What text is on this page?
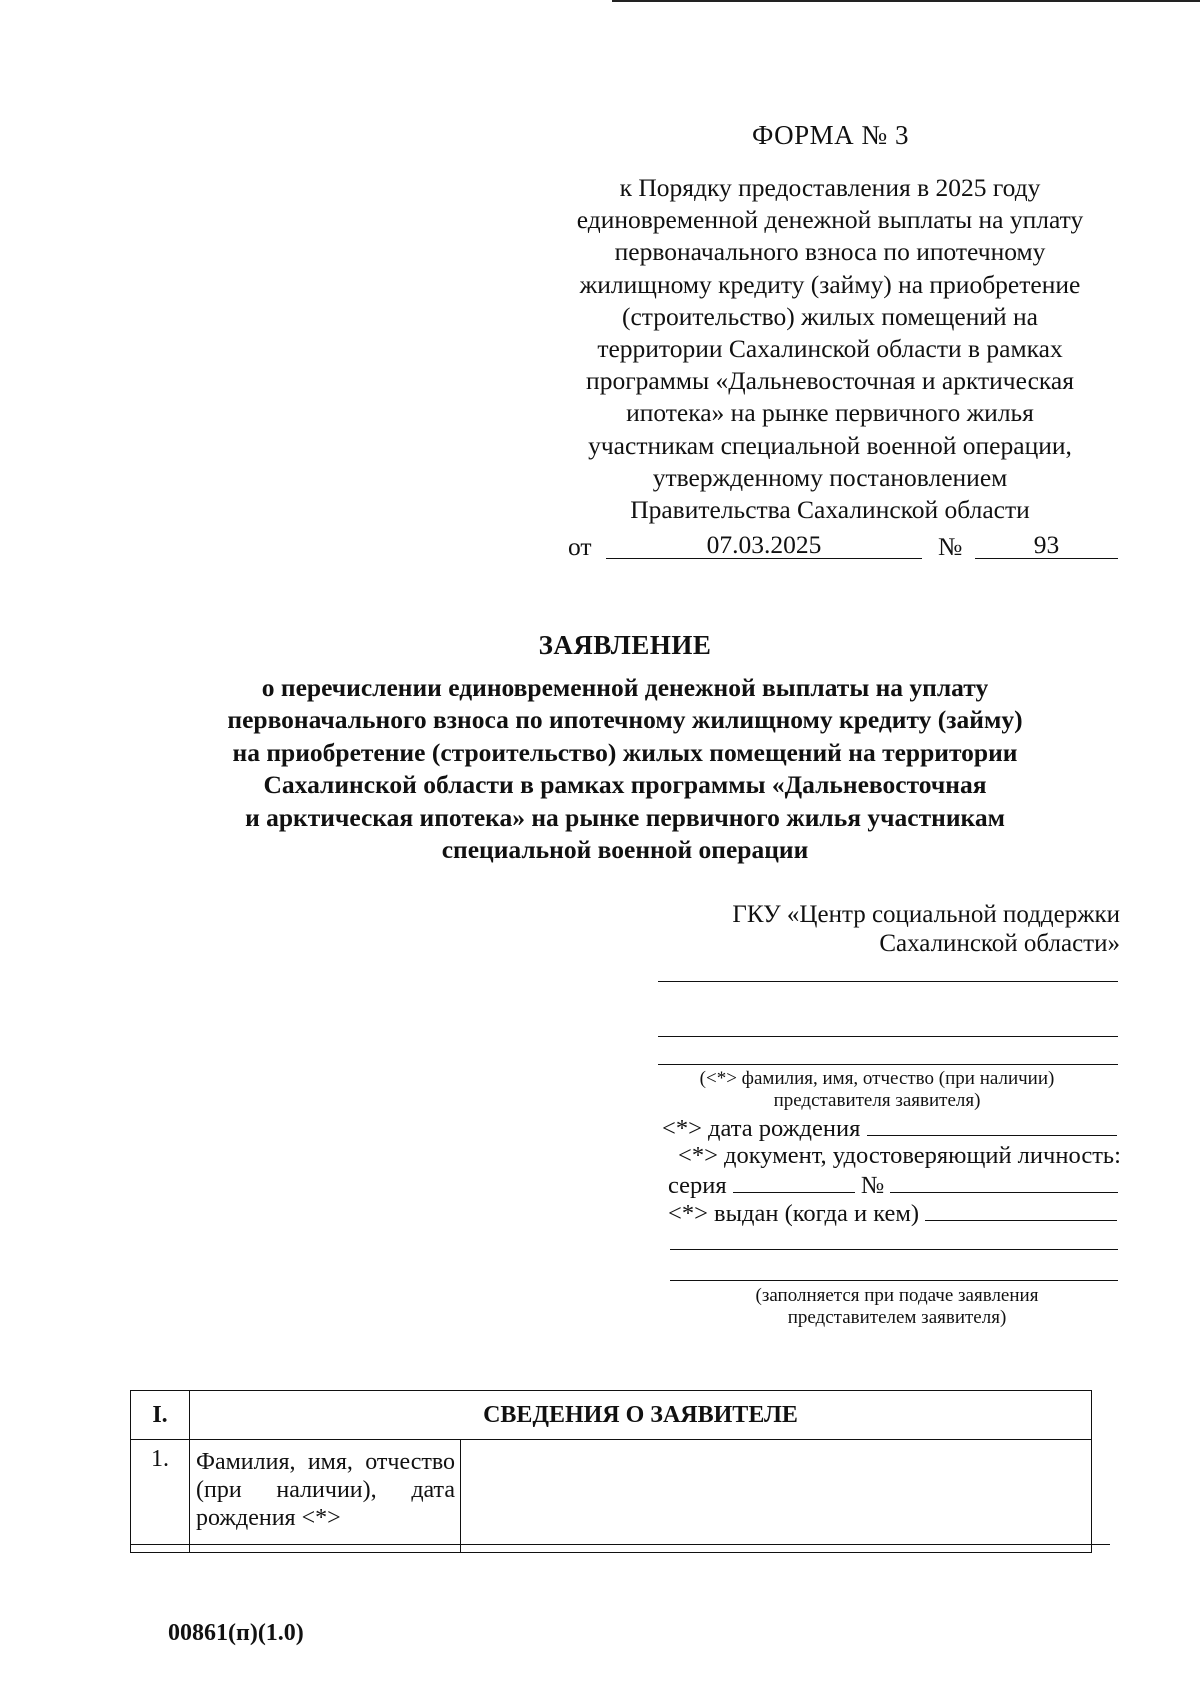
ФОРМА № 3
к Порядку предоставления в 2025 году
единовременной денежной выплаты на уплату
первоначального взноса по ипотечному
жилищному кредиту (займу) на приобретение
(строительство) жилых помещений на
территории Сахалинской области в рамках
программы «Дальневосточная и арктическая
ипотека» на рынке первичного жилья
участникам специальной военной операции,
утвержденному постановлением
Правительства Сахалинской области
от	07.03.2025	№	93
ЗАЯВЛЕНИЕ
о перечислении единовременной денежной выплаты на уплату
первоначального взноса по ипотечному жилищному кредиту (займу)
на приобретение (строительство) жилых помещений на территории
Сахалинской области в рамках программы «Дальневосточная
и арктическая ипотека» на рынке первичного жилья участникам
специальной военной операции
ГКУ «Центр социальной поддержки
Сахалинской области»
(<*> фамилия, имя, отчество (при наличии)
представителя заявителя)
<*> дата рождения
<*> документ, удостоверяющий личность:
серия	№
<*> выдан (когда и кем)
(заполняется при подаче заявления
представителем заявителя)
I.	СВЕДЕНИЯ О ЗАЯВИТЕЛЕ	
1.	Фамилия, имя, отчество
(при наличии), дата
рождения <*>	

00861(п)(1.0)
